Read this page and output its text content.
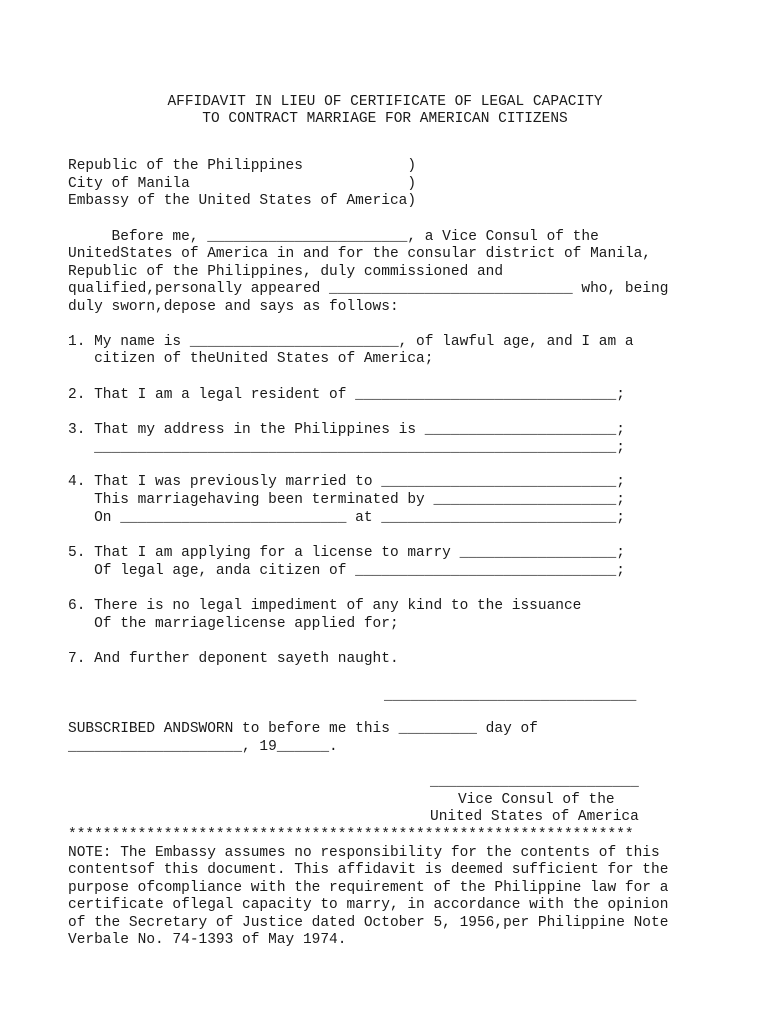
AFFIDAVIT IN LIEU OF CERTIFICATE OF LEGAL CAPACITY
TO CONTRACT MARRIAGE FOR AMERICAN CITIZENS
Republic of the Philippines            )
City of Manila                         )
Embassy of the United States of America)
Before me, _______________________, a Vice Consul of the
UnitedStates of America in and for the consular district of Manila,
Republic of the Philippines, duly commissioned and
qualified,personally appeared ____________________________ who, being
duly sworn,depose and says as follows:
1. My name is ________________________, of lawful age, and I am a
citizen of theUnited States of America;
2. That I am a legal resident of ______________________________;
3. That my address in the Philippines is ______________________;
____________________________________________________________;
4. That I was previously married to ___________________________;
This marriagehaving been terminated by _____________________;
On __________________________ at ___________________________;
5. That I am applying for a license to marry __________________;
Of legal age, anda citizen of ______________________________;
6. There is no legal impediment of any kind to the issuance
Of the marriagelicense applied for;
7. And further deponent sayeth naught.
_____________________________
SUBSCRIBED ANDSWORN to before me this _________ day of
____________________, 19______.
________________________
Vice Consul of the
United States of America
*****************************************************************
NOTE: The Embassy assumes no responsibility for the contents of this
contentsof this document. This affidavit is deemed sufficient for the
purpose ofcompliance with the requirement of the Philippine law for a
certificate oflegal capacity to marry, in accordance with the opinion
of the Secretary of Justice dated October 5, 1956,per Philippine Note
Verbale No. 74-1393 of May 1974.
